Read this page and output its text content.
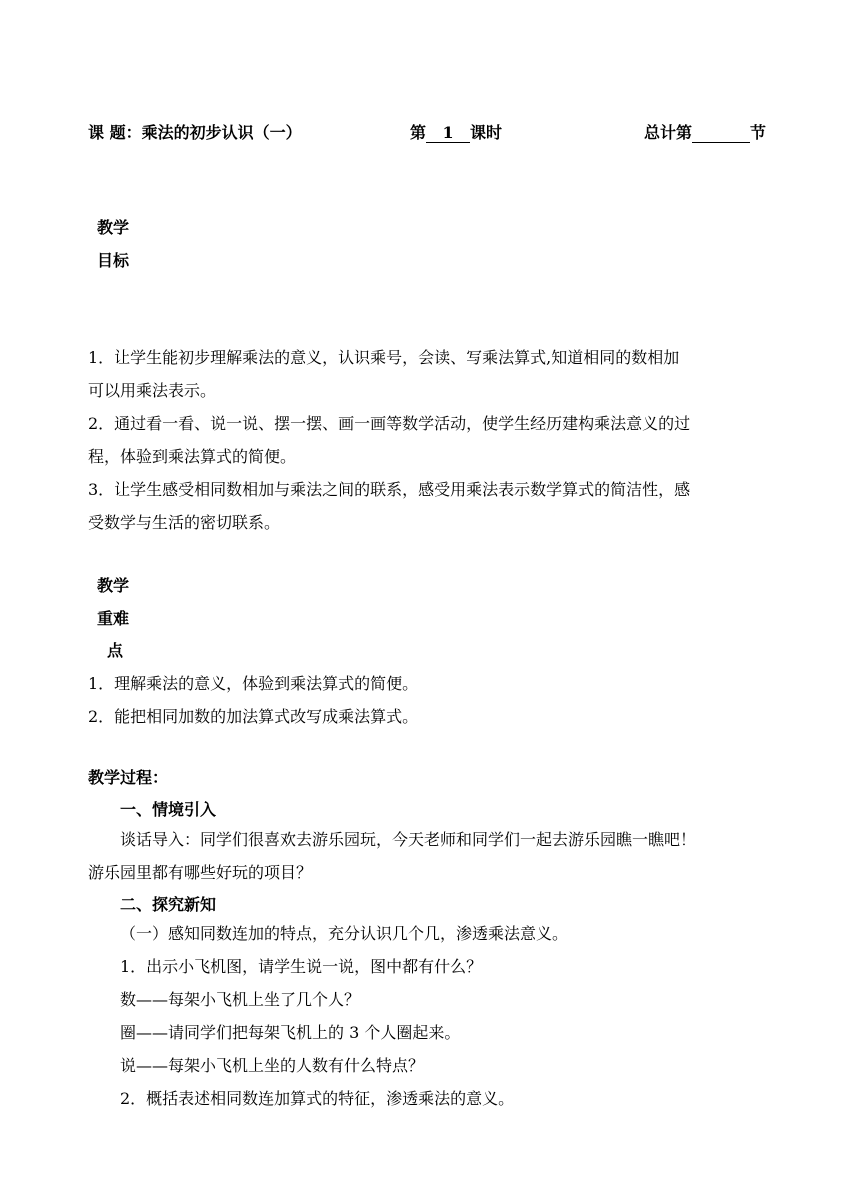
课 题：乘法的初步认识（一）	第 1 课时	总计第	节
教学
目标
1．让学生能初步理解乘法的意义，认识乘号，会读、写乘法算式,知道相同的数相加
可以用乘法表示。
2．通过看一看、说一说、摆一摆、画一画等数学活动，使学生经历建构乘法意义的过
程，体验到乘法算式的简便。
3．让学生感受相同数相加与乘法之间的联系，感受用乘法表示数学算式的简洁性，感
受数学与生活的密切联系。
教学
重难
点
1．理解乘法的意义，体验到乘法算式的简便。
2．能把相同加数的加法算式改写成乘法算式。
教学过程：
一、情境引入
谈话导入：同学们很喜欢去游乐园玩，今天老师和同学们一起去游乐园瞧一瞧吧！
游乐园里都有哪些好玩的项目？
二、探究新知
（一）感知同数连加的特点，充分认识几个几，渗透乘法意义。
1．出示小飞机图，请学生说一说，图中都有什么？
数——每架小飞机上坐了几个人？
圈——请同学们把每架飞机上的 3 个人圈起来。
说——每架小飞机上坐的人数有什么特点？
2．概括表述相同数连加算式的特征，渗透乘法的意义。
